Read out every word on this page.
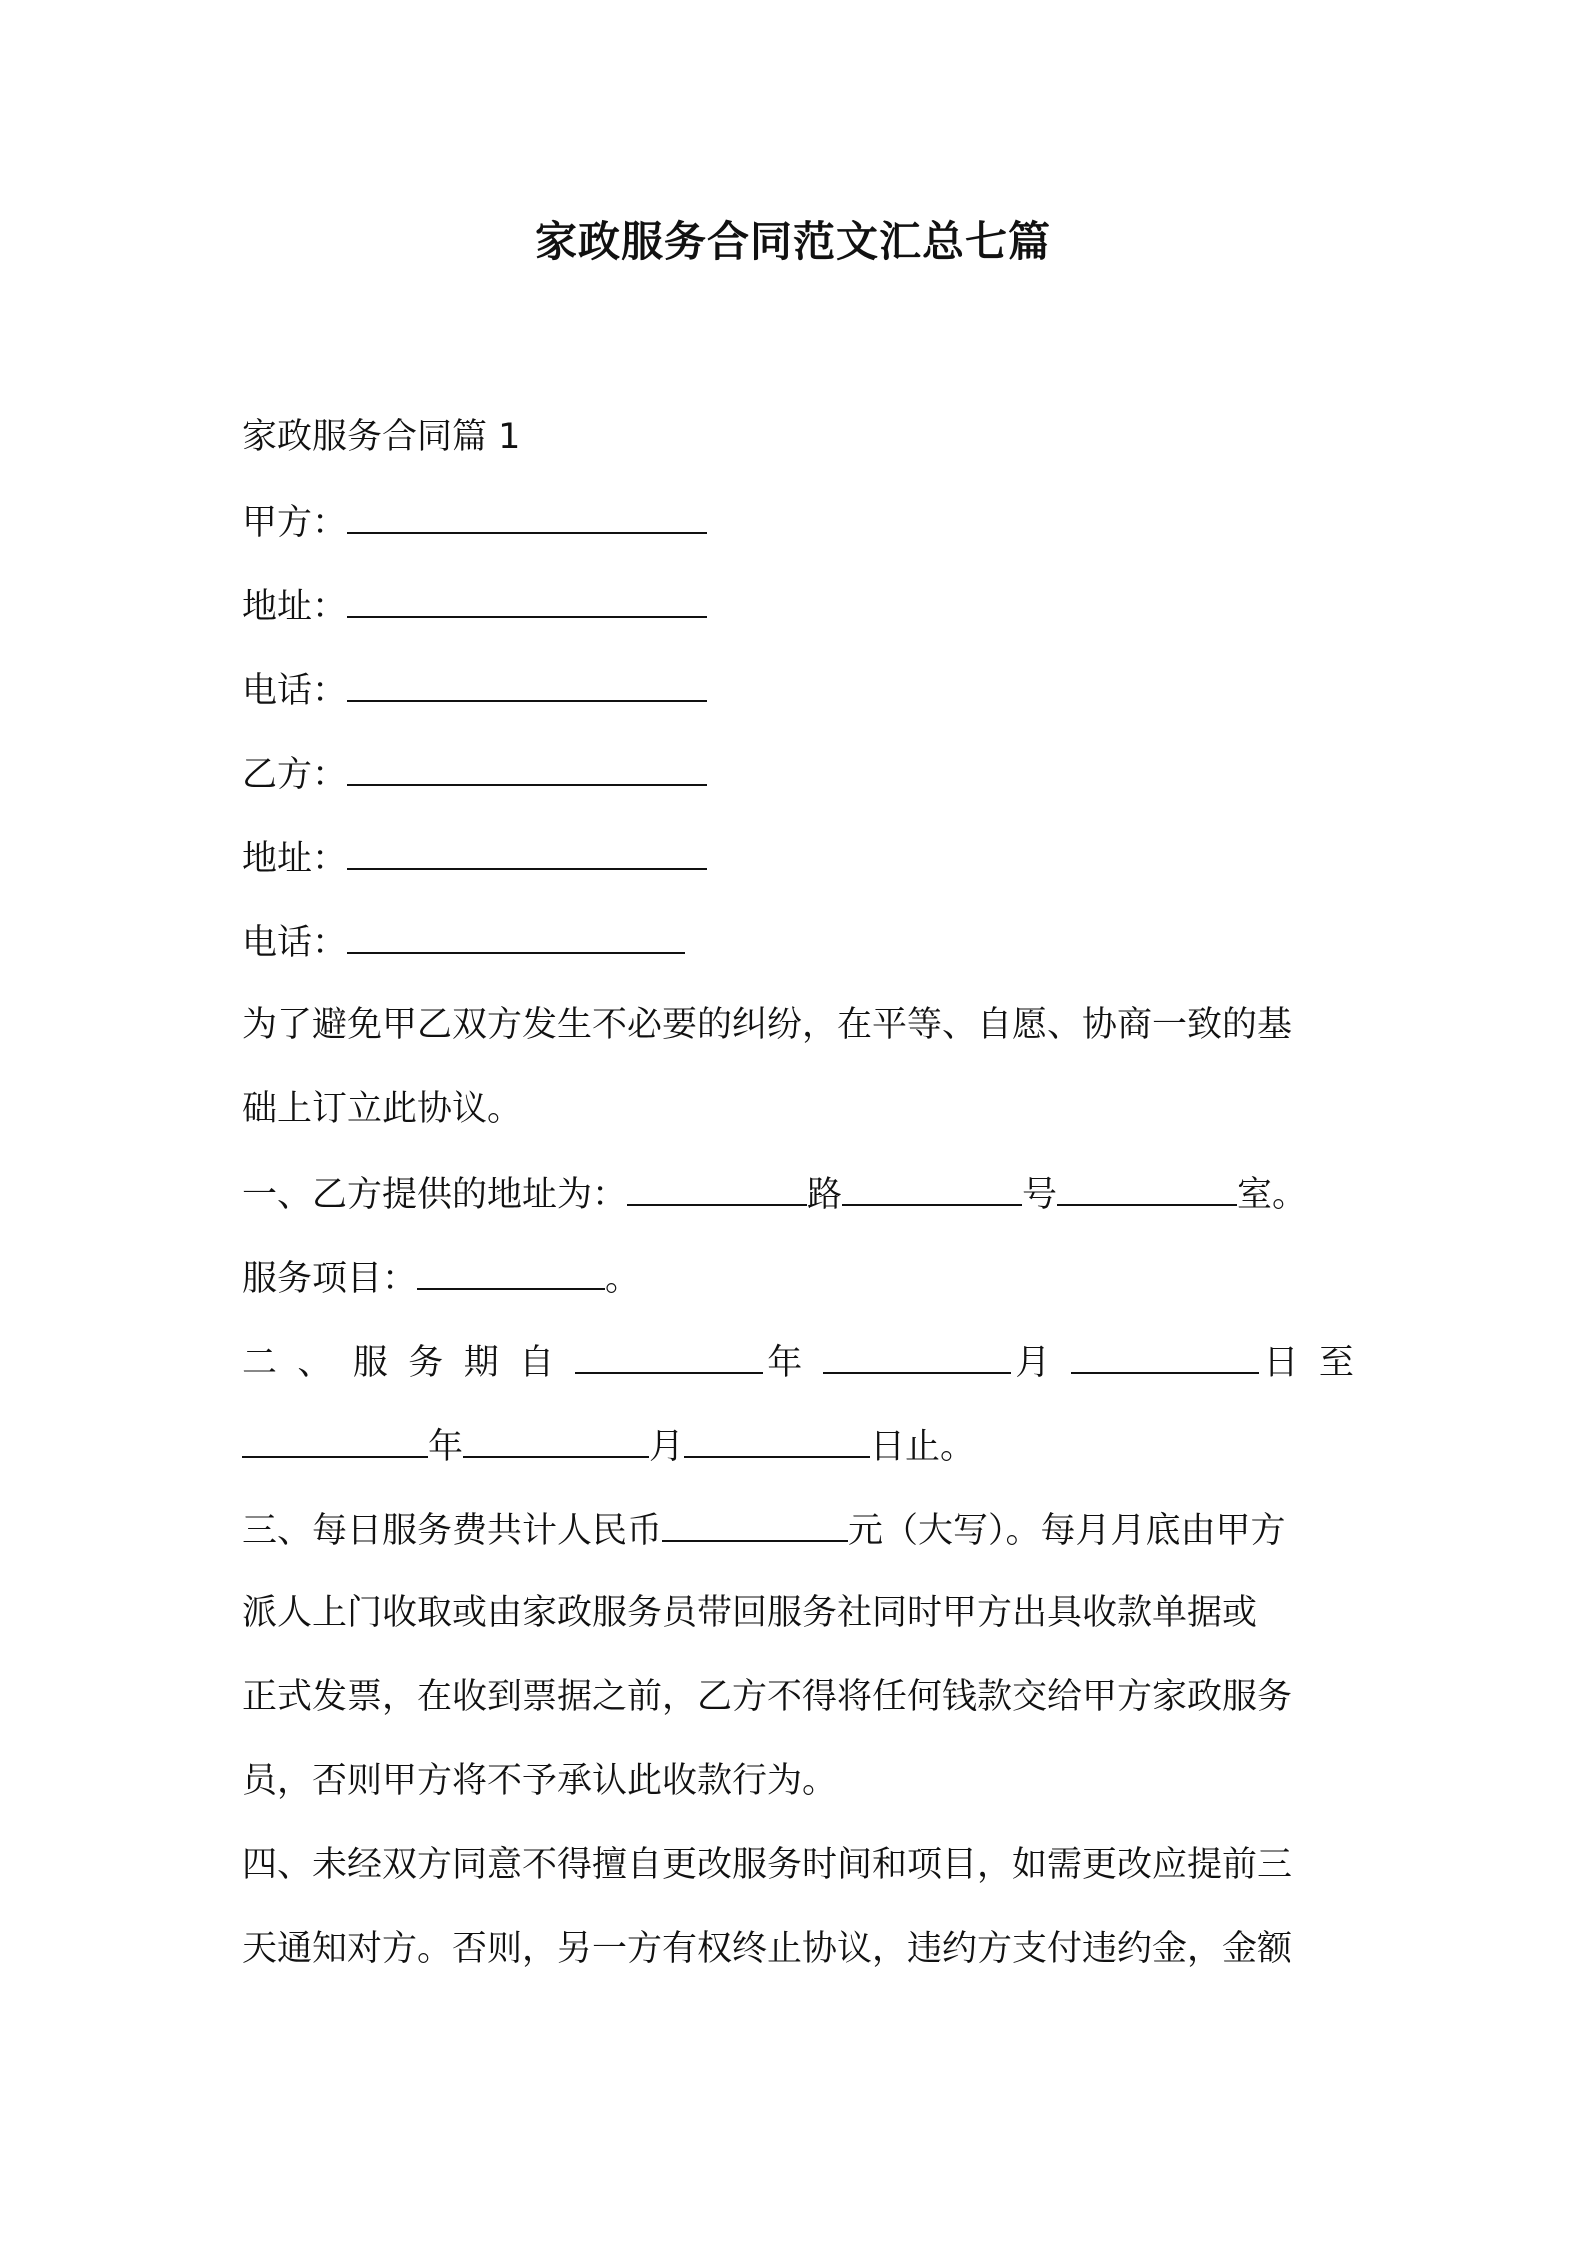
家政服务合同范文汇总七篇
家政服务合同篇 1
甲方：
地址：
电话：
乙方：
地址：
电话：
为了避免甲乙双方发生不必要的纠纷，在平等、自愿、协商一致的基
础上订立此协议。
一、乙方提供的地址为：	路	号	室。
服务项目：	。
二 、 服 务 期 自	年	月	日 至
年	月	日止。
三、每日服务费共计人民币	元（大写）。每月月底由甲方
派人上门收取或由家政服务员带回服务社同时甲方出具收款单据或
正式发票，在收到票据之前，乙方不得将任何钱款交给甲方家政服务
员，否则甲方将不予承认此收款行为。
四、未经双方同意不得擅自更改服务时间和项目，如需更改应提前三
天通知对方。否则，另一方有权终止协议，违约方支付违约金，金额
